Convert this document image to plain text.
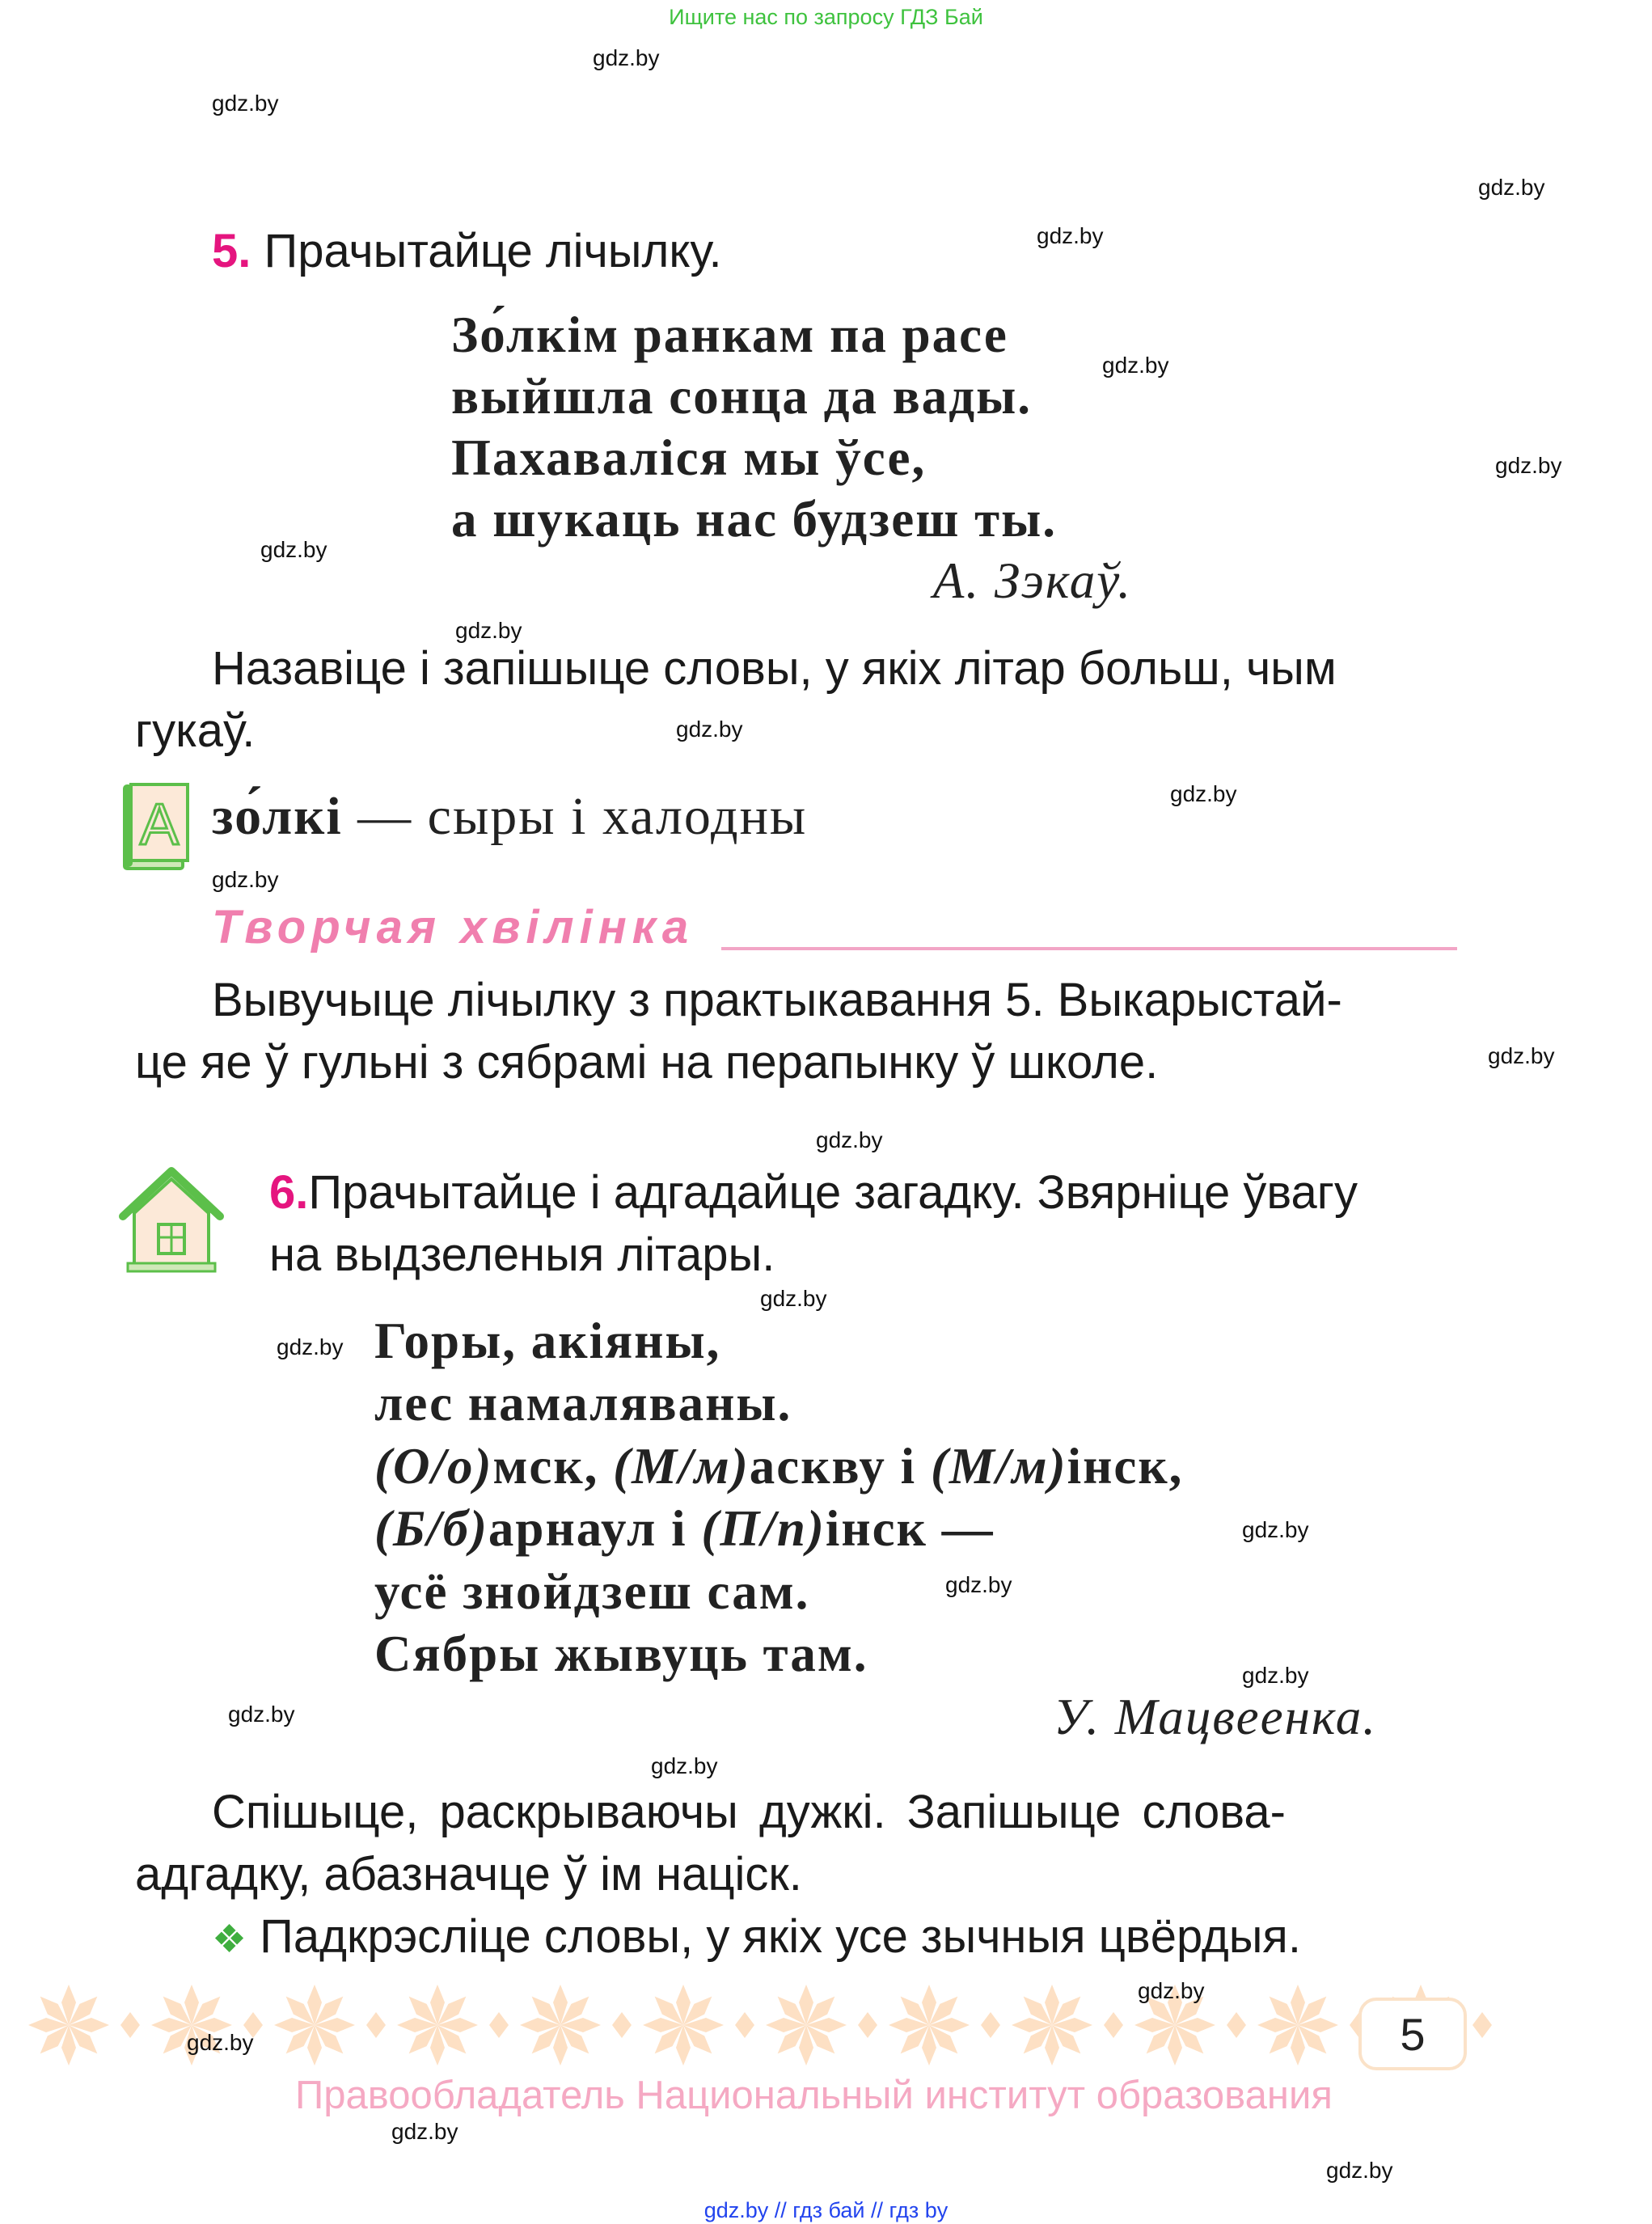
Ищите нас по запросу ГДЗ Бай
gdz.by
gdz.by
gdz.by
gdz.by
gdz.by
gdz.by
gdz.by
gdz.by
gdz.by
gdz.by
gdz.by
gdz.by
gdz.by
gdz.by
gdz.by
gdz.by
gdz.by
gdz.by
gdz.by
gdz.by
gdz.by
gdz.by
gdz.by
gdz.by
5. Прачытайце лічылку.
Зо́лкім ранкам па расе
выйшла сонца да вады.
Пахаваліся мы ўсе,
а шукаць нас будзеш ты.
А. Зэкаў.
Назавіце і запішыце словы, у якіх літар больш, чым
гукаў.
А зо́лкі — сыры і халодны
Творчая хвілінка
Вывучыце лічылку з практыкавання 5. Выкарыстай-
це яе ў гульні з сябрамі на перапынку ў школе.
6.Прачытайце і адгадайце загадку. Звярніце ўвагу
на выдзеленыя літары.
Горы, акіяны,
лес намаляваны.
(О/о)мск, (М/м)аскву і (М/м)інск,
(Б/б)арнаул і (П/п)інск —
усё знойдзеш сам.
Сябры жывуць там.
У. Мацвеенка.
Спішыце, раскрываючы дужкі. Запішыце слова-
адгадку, абазначце ў ім націск.
❖ Падкрэсліце словы, у якіх усе зычныя цвёрдыя.
5
Правообладатель Национальный институт образования
gdz.by // гдз бай // гдз by
